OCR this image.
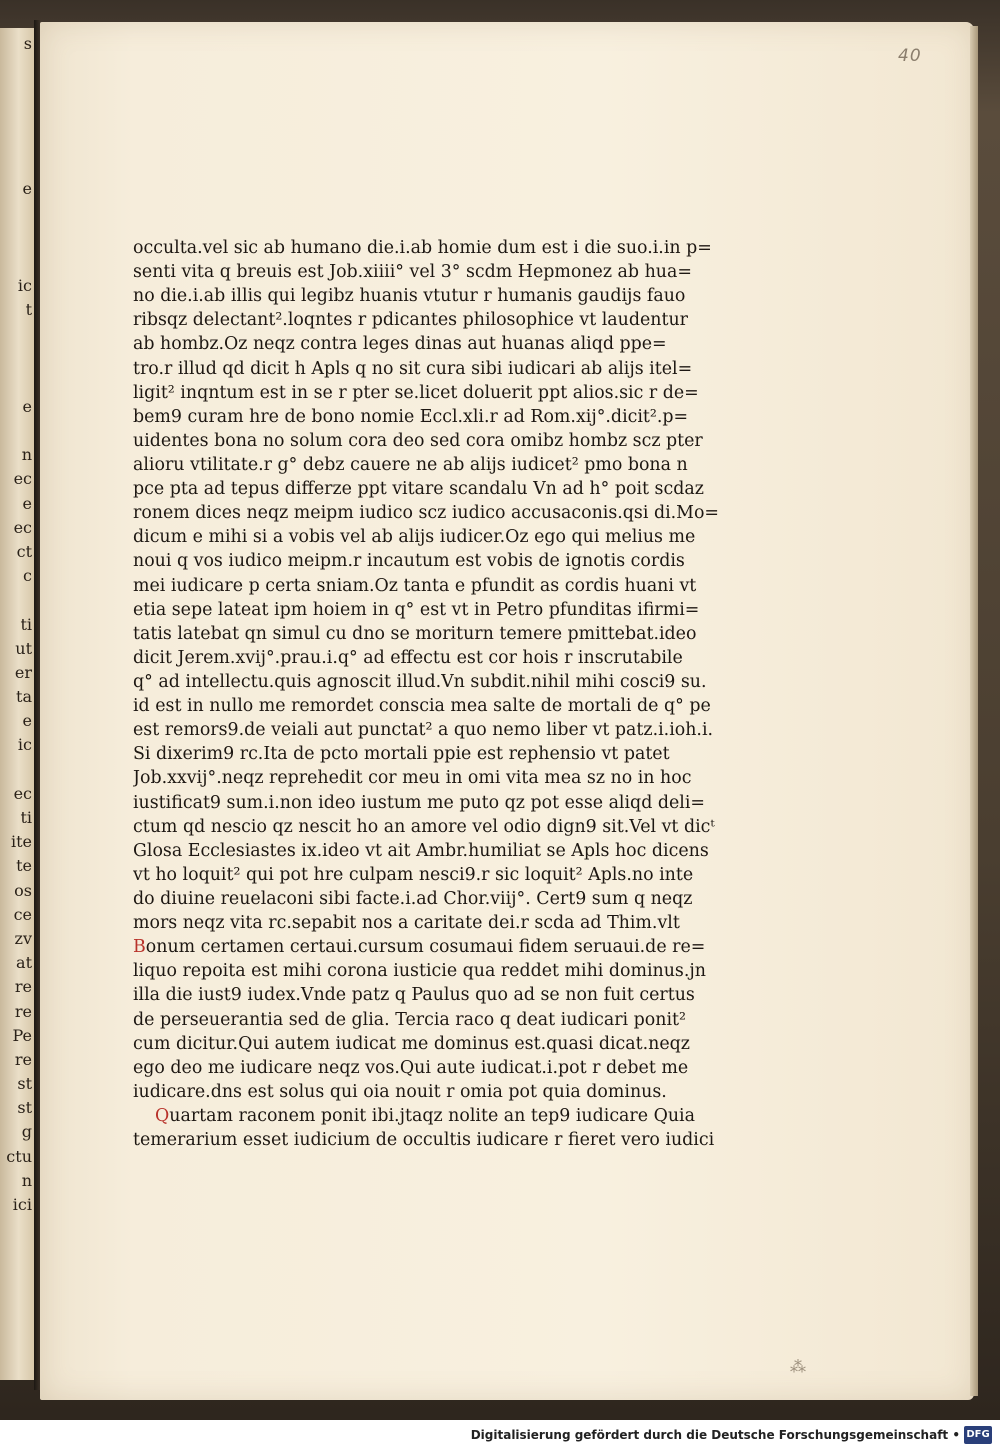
s
e
ic
t
e
n
ec
e
ec
ct
c
ti
ut
er
ta
e
ic
ec
ti
ite
te
os
ce
zv
at
re
re
Pe
re
st
st
g
ctu
n
ici
40
occulta.vel sic ab humano die.i.ab homie dum est i die suo.i.in p=
senti vita q breuis est Job.xiiii° vel 3° scdm Hepmonez ab hua=
no die.i.ab illis qui legibz huanis vtutur r humanis gaudijs fauo
ribsqz delectant².loqntes r pdicantes philosophice vt laudentur
ab hombz.Oz neqz contra leges dinas aut huanas aliqd ppe=
tro.r illud qd dicit h Apls q no sit cura sibi iudicari ab alijs itel=
ligit² inqntum est in se r pter se.licet doluerit ppt alios.sic r de=
bem9 curam hre de bono nomie Eccl.xli.r ad Rom.xij°.dicit².p=
uidentes bona no solum cora deo sed cora omibz hombz scz pter
alioru vtilitate.r g° debz cauere ne ab alijs iudicet² pmo bona n
pce pta ad tepus differze ppt vitare scandalu Vn ad h° poit scdaz
ronem dices neqz meipm iudico scz iudico accusaconis.qsi di.Mo=
dicum e mihi si a vobis vel ab alijs iudicer.Oz ego qui melius me
noui q vos iudico meipm.r incautum est vobis de ignotis cordis
mei iudicare p certa sniam.Oz tanta e pfundit as cordis huani vt
etia sepe lateat ipm hoiem in q° est vt in Petro pfunditas ifirmi=
tatis latebat qn simul cu dno se moriturn temere pmittebat.ideo
dicit Jerem.xvij°.prau.i.q° ad effectu est cor hois r inscrutabile
q° ad intellectu.quis agnoscit illud.Vn subdit.nihil mihi cosci9 su.
id est in nullo me remordet conscia mea salte de mortali de q° pe
est remors9.de veiali aut punctat² a quo nemo liber vt patz.i.ioh.i.
Si dixerim9 rc.Ita de pcto mortali ppie est rephensio vt patet
Job.xxvij°.neqz reprehedit cor meu in omi vita mea sz no in hoc
iustificat9 sum.i.non ideo iustum me puto qz pot esse aliqd deli=
ctum qd nescio qz nescit ho an amore vel odio dign9 sit.Vel vt dicᵗ
Glosa Ecclesiastes ix.ideo vt ait Ambr.humiliat se Apls hoc dicens
vt ho loquit² qui pot hre culpam nesci9.r sic loquit² Apls.no inte
do diuine reuelaconi sibi facte.i.ad Chor.viij°. Cert9 sum q neqz
mors neqz vita rc.sepabit nos a caritate dei.r scda ad Thim.vlt
Bonum certamen certaui.cursum cosumaui fidem seruaui.de re=
liquo repoita est mihi corona iusticie qua reddet mihi dominus.jn
illa die iust9 iudex.Vnde patz q Paulus quo ad se non fuit certus
de perseuerantia sed de glia. Tercia raco q deat iudicari ponit²
cum dicitur.Qui autem iudicat me dominus est.quasi dicat.neqz
ego deo me iudicare neqz vos.Qui aute iudicat.i.pot r debet me
iudicare.dns est solus qui oia nouit r omia pot quia dominus.
Quartam raconem ponit ibi.jtaqz nolite an tep9 iudicare Quia
temerarium esset iudicium de occultis iudicare r fieret vero iudici
⁂
Digitalisierung gefördert durch die Deutsche Forschungsgemeinschaft • DFG
